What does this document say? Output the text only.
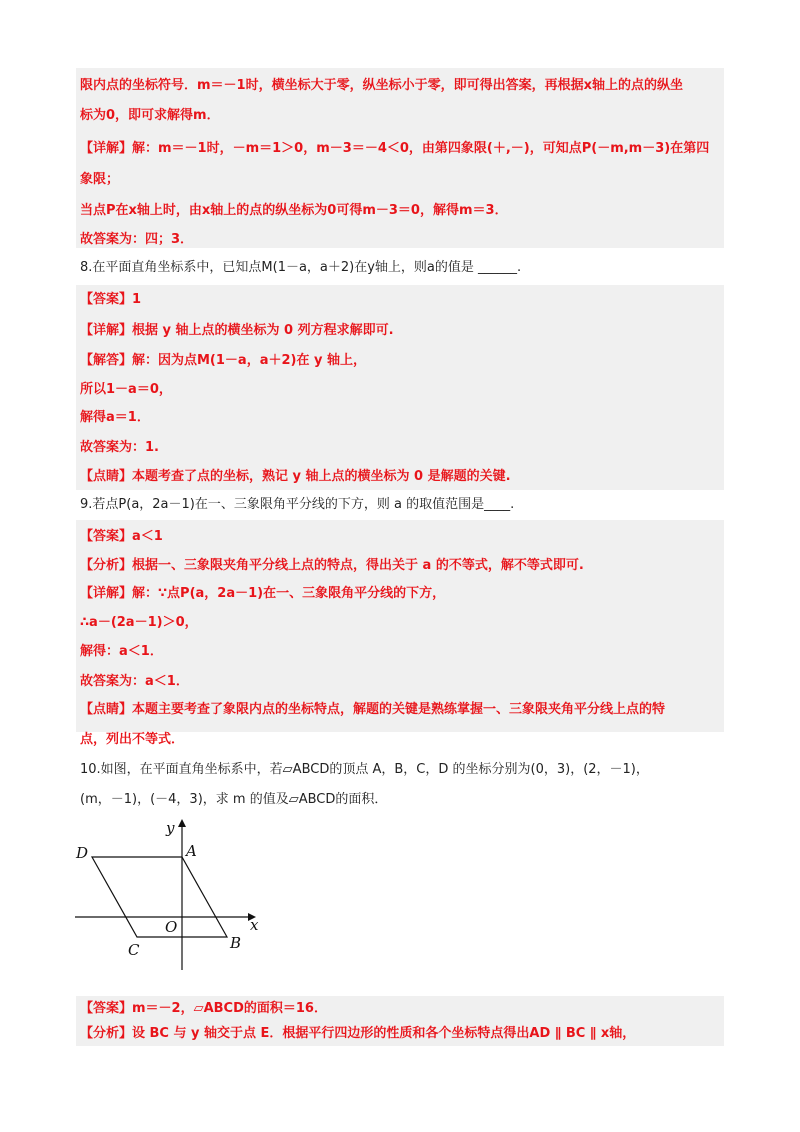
限内点的坐标符号．m＝－1时，横坐标大于零，纵坐标小于零，即可得出答案，再根据x轴上的点的纵坐
标为0，即可求解得m．
【详解】解：m＝－1时，－m＝1＞0，m－3＝－4＜0，由第四象限(＋,－)，可知点P(－m,m－3)在第四
象限；
当点P在x轴上时，由x轴上的点的纵坐标为0可得m－3＝0，解得m＝3．
故答案为：四；3．
8.在平面直角坐标系中，已知点M(1－a，a＋2)在y轴上，则a的值是 ______.
【答案】1
【详解】根据 y 轴上点的横坐标为 0 列方程求解即可.
【解答】解：因为点M(1－a，a＋2)在 y 轴上，
所以1－a＝0，
解得a＝1．
故答案为：1.
【点睛】本题考查了点的坐标，熟记 y 轴上点的横坐标为 0 是解题的关键.
9.若点P(a，2a－1)在一、三象限角平分线的下方，则 a 的取值范围是____.
【答案】a＜1
【分析】根据一、三象限夹角平分线上点的特点，得出关于 a 的不等式，解不等式即可.
【详解】解：∵点P(a，2a－1)在一、三象限角平分线的下方，
∴a－(2a－1)＞0，
解得：a＜1．
故答案为：a＜1．
【点睛】本题主要考查了象限内点的坐标特点，解题的关键是熟练掌握一、三象限夹角平分线上点的特
点，列出不等式．
10.如图，在平面直角坐标系中，若▱ABCD的顶点 A，B，C，D 的坐标分别为(0，3)，(2，－1)，
(m，－1)，(－4，3)，求 m 的值及▱ABCD的面积．
x
y
O
A
B
C
D
【答案】m＝－2，▱ABCD的面积＝16．
【分析】设 BC 与 y 轴交于点 E．根据平行四边形的性质和各个坐标特点得出AD ∥ BC ∥ x轴，
